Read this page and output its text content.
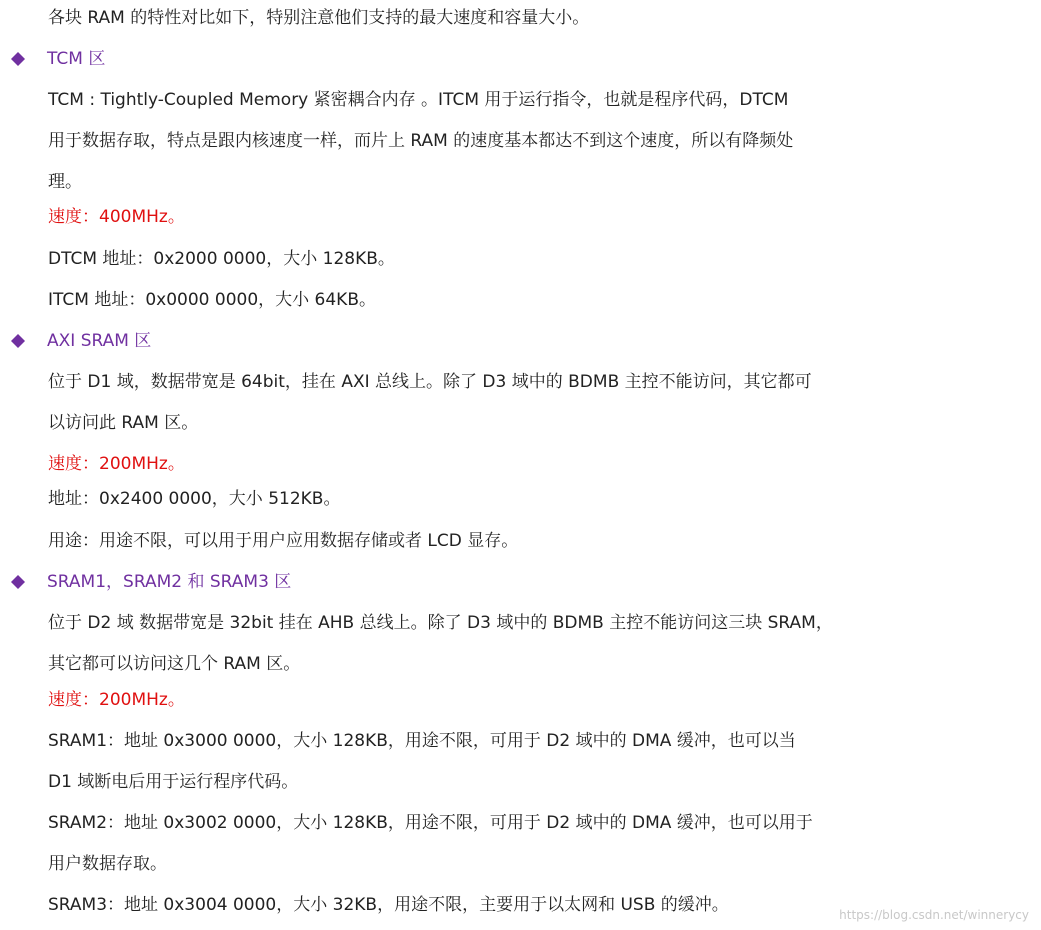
各块 RAM 的特性对比如下，特别注意他们支持的最大速度和容量大小。
TCM 区
TCM : Tightly-Coupled Memory 紧密耦合内存 。ITCM 用于运行指令，也就是程序代码，DTCM
用于数据存取，特点是跟内核速度一样，而片上 RAM 的速度基本都达不到这个速度，所以有降频处
理。
速度：400MHz。
DTCM 地址：0x2000 0000，大小 128KB。
ITCM 地址：0x0000 0000，大小 64KB。
AXI SRAM 区
位于 D1 域，数据带宽是 64bit，挂在 AXI 总线上。除了 D3 域中的 BDMB 主控不能访问，其它都可
以访问此 RAM 区。
速度：200MHz。
地址：0x2400 0000，大小 512KB。
用途：用途不限，可以用于用户应用数据存储或者 LCD 显存。
SRAM1，SRAM2 和 SRAM3 区
位于 D2 域 数据带宽是 32bit 挂在 AHB 总线上。除了 D3 域中的 BDMB 主控不能访问这三块 SRAM，
其它都可以访问这几个 RAM 区。
速度：200MHz。
SRAM1：地址 0x3000 0000，大小 128KB，用途不限，可用于 D2 域中的 DMA 缓冲，也可以当
D1 域断电后用于运行程序代码。
SRAM2：地址 0x3002 0000，大小 128KB，用途不限，可用于 D2 域中的 DMA 缓冲，也可以用于
用户数据存取。
SRAM3：地址 0x3004 0000，大小 32KB，用途不限，主要用于以太网和 USB 的缓冲。	https://blog.csdn.net/winnerycy
